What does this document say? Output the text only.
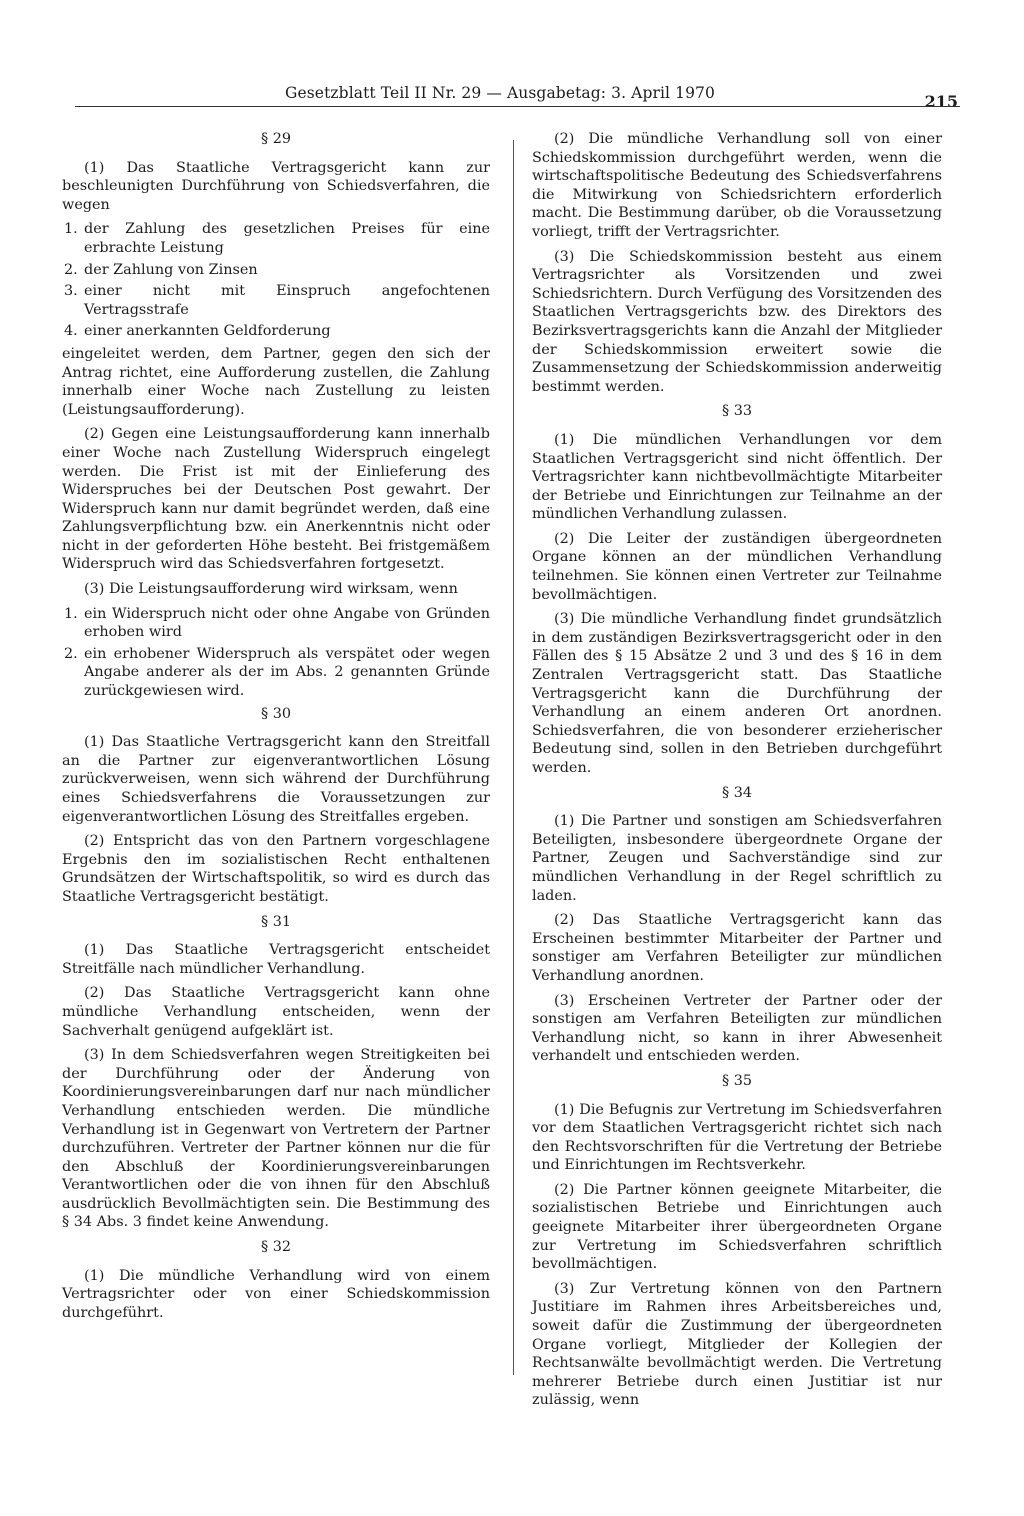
Gesetzblatt Teil II Nr. 29 — Ausgabetag: 3. April 1970	215
§ 29

(1) Das Staatliche Vertragsgericht kann zur beschleunigten Durchführung von Schiedsverfahren, die wegen

1. der Zahlung des gesetzlichen Preises für eine erbrachte Leistung
2. der Zahlung von Zinsen
3. einer nicht mit Einspruch angefochtenen Vertragsstrafe
4. einer anerkannten Geldforderung

eingeleitet werden, dem Partner, gegen den sich der Antrag richtet, eine Aufforderung zustellen, die Zahlung innerhalb einer Woche nach Zustellung zu leisten (Leistungsaufforderung).

(2) Gegen eine Leistungsaufforderung kann innerhalb einer Woche nach Zustellung Widerspruch eingelegt werden. Die Frist ist mit der Einlieferung des Widerspruches bei der Deutschen Post gewahrt. Der Widerspruch kann nur damit begründet werden, daß eine Zahlungsverpflichtung bzw. ein Anerkenntnis nicht oder nicht in der geforderten Höhe besteht. Bei fristgemäßem Widerspruch wird das Schiedsverfahren fortgesetzt.

(3) Die Leistungsaufforderung wird wirksam, wenn

1. ein Widerspruch nicht oder ohne Angabe von Gründen erhoben wird
2. ein erhobener Widerspruch als verspätet oder wegen Angabe anderer als der im Abs. 2 genannten Gründe zurückgewiesen wird.
§ 30

(1) Das Staatliche Vertragsgericht kann den Streitfall an die Partner zur eigenverantwortlichen Lösung zurückverweisen, wenn sich während der Durchführung eines Schiedsverfahrens die Voraussetzungen zur eigenverantwortlichen Lösung des Streitfalles ergeben.

(2) Entspricht das von den Partnern vorgeschlagene Ergebnis den im sozialistischen Recht enthaltenen Grundsätzen der Wirtschaftspolitik, so wird es durch das Staatliche Vertragsgericht bestätigt.

§ 31

(1) Das Staatliche Vertragsgericht entscheidet Streitfälle nach mündlicher Verhandlung.

(2) Das Staatliche Vertragsgericht kann ohne mündliche Verhandlung entscheiden, wenn der Sachverhalt genügend aufgeklärt ist.

(3) In dem Schiedsverfahren wegen Streitigkeiten bei der Durchführung oder der Änderung von Koordinierungsvereinbarungen darf nur nach mündlicher Verhandlung entschieden werden. Die mündliche Verhandlung ist in Gegenwart von Vertretern der Partner durchzuführen. Vertreter der Partner können nur die für den Abschluß der Koordinierungsvereinbarungen Verantwortlichen oder die von ihnen für den Abschluß ausdrücklich Bevollmächtigten sein. Die Bestimmung des § 34 Abs. 3 findet keine Anwendung.

§ 32

(1) Die mündliche Verhandlung wird von einem Vertragsrichter oder von einer Schiedskommission durchgeführt.

(2) Die mündliche Verhandlung soll von einer Schiedskommission durchgeführt werden, wenn die wirtschaftspolitische Bedeutung des Schiedsverfahrens die Mitwirkung von Schiedsrichtern erforderlich macht. Die Bestimmung darüber, ob die Voraussetzung vorliegt, trifft der Vertragsrichter.

(3) Die Schiedskommission besteht aus einem Vertragsrichter als Vorsitzenden und zwei Schiedsrichtern. Durch Verfügung des Vorsitzenden des Staatlichen Vertragsgerichts bzw. des Direktors des Bezirksvertragsgerichts kann die Anzahl der Mitglieder der Schiedskommission erweitert sowie die Zusammensetzung der Schiedskommission anderweitig bestimmt werden.

§ 33

(1) Die mündlichen Verhandlungen vor dem Staatlichen Vertragsgericht sind nicht öffentlich. Der Vertragsrichter kann nichtbevollmächtigte Mitarbeiter der Betriebe und Einrichtungen zur Teilnahme an der mündlichen Verhandlung zulassen.

(2) Die Leiter der zuständigen übergeordneten Organe können an der mündlichen Verhandlung teilnehmen. Sie können einen Vertreter zur Teilnahme bevollmächtigen.

(3) Die mündliche Verhandlung findet grundsätzlich in dem zuständigen Bezirksvertragsgericht oder in den Fällen des § 15 Absätze 2 und 3 und des § 16 in dem Zentralen Vertragsgericht statt. Das Staatliche Vertragsgericht kann die Durchführung der Verhandlung an einem anderen Ort anordnen. Schiedsverfahren, die von besonderer erzieherischer Bedeutung sind, sollen in den Betrieben durchgeführt werden.

§ 34

(1) Die Partner und sonstigen am Schiedsverfahren Beteiligten, insbesondere übergeordnete Organe der Partner, Zeugen und Sachverständige sind zur mündlichen Verhandlung in der Regel schriftlich zu laden.

(2) Das Staatliche Vertragsgericht kann das Erscheinen bestimmter Mitarbeiter der Partner und sonstiger am Verfahren Beteiligter zur mündlichen Verhandlung anordnen.

(3) Erscheinen Vertreter der Partner oder der sonstigen am Verfahren Beteiligten zur mündlichen Verhandlung nicht, so kann in ihrer Abwesenheit verhandelt und entschieden werden.

§ 35

(1) Die Befugnis zur Vertretung im Schiedsverfahren vor dem Staatlichen Vertragsgericht richtet sich nach den Rechtsvorschriften für die Vertretung der Betriebe und Einrichtungen im Rechtsverkehr.

(2) Die Partner können geeignete Mitarbeiter, die sozialistischen Betriebe und Einrichtungen auch geeignete Mitarbeiter ihrer übergeordneten Organe zur Vertretung im Schiedsverfahren schriftlich bevollmächtigen.

(3) Zur Vertretung können von den Partnern Justitiare im Rahmen ihres Arbeitsbereiches und, soweit dafür die Zustimmung der übergeordneten Organe vorliegt, Mitglieder der Kollegien der Rechtsanwälte bevollmächtigt werden. Die Vertretung mehrerer Betriebe durch einen Justitiar ist nur zulässig, wenn
